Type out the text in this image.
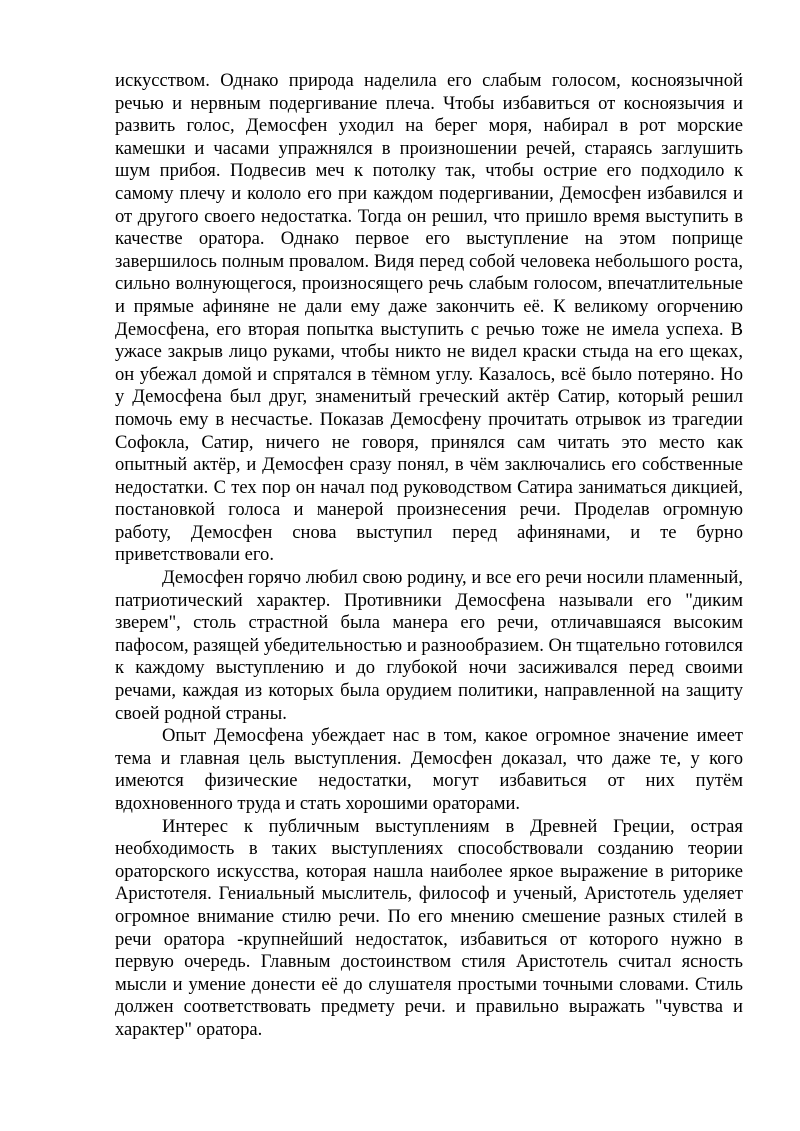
искусством. Однако природа наделила его слабым голосом, косноязычной речью и нервным подергивание плеча. Чтобы избавиться от косноязычия и развить голос, Демосфен уходил на берег моря, набирал в рот морские камешки и часами упражнялся в произношении речей, стараясь заглушить шум прибоя. Подвесив меч к потолку так, чтобы острие его подходило к самому плечу и кололо его при каждом подергивании, Демосфен избавился и от другого своего недостатка. Тогда он решил, что пришло время выступить в качестве оратора. Однако первое его выступление на этом поприще завершилось полным провалом. Видя перед собой человека небольшого роста, сильно волнующегося, произносящего речь слабым голосом, впечатлительные и прямые афиняне не дали ему даже закончить её. К великому огорчению Демосфена, его вторая попытка выступить с речью тоже не имела успеха. В ужасе закрыв лицо руками, чтобы никто не видел краски стыда на его щеках, он убежал домой и спрятался в тёмном углу. Казалось, всё было потеряно. Но у Демосфена был друг, знаменитый греческий актёр Сатир, который решил помочь ему в несчастье. Показав Демосфену прочитать отрывок из трагедии Софокла, Сатир, ничего не говоря, принялся сам читать это место как опытный актёр, и Демосфен сразу понял, в чём заключались его собственные недостатки. С тех пор он начал под руководством Сатира заниматься дикцией, постановкой голоса и манерой произнесения речи. Проделав огромную работу, Демосфен снова выступил перед афинянами, и те бурно приветствовали его.

Демосфен горячо любил свою родину, и все его речи носили пламенный, патриотический характер. Противники Демосфена называли его "диким зверем", столь страстной была манера его речи, отличавшаяся высоким пафосом, разящей убедительностью и разнообразием. Он тщательно готовился к каждому выступлению и до глубокой ночи засиживался перед своими речами, каждая из которых была орудием политики, направленной на защиту своей родной страны.

Опыт Демосфена убеждает нас в том, какое огромное значение имеет тема и главная цель выступления. Демосфен доказал, что даже те, у кого имеются физические недостатки, могут избавиться от них путём вдохновенного труда и стать хорошими ораторами.

Интерес к публичным выступлениям в Древней Греции, острая необходимость в таких выступлениях способствовали созданию теории ораторского искусства, которая нашла наиболее яркое выражение в риторике Аристотеля. Гениальный мыслитель, философ и ученый, Аристотель уделяет огромное внимание стилю речи. По его мнению смешение разных стилей в речи оратора -крупнейший недостаток, избавиться от которого нужно в первую очередь. Главным достоинством стиля Аристотель считал ясность мысли и умение донести её до слушателя простыми точными словами. Стиль должен соответствовать предмету речи. и правильно выражать "чувства и характер" оратора.
